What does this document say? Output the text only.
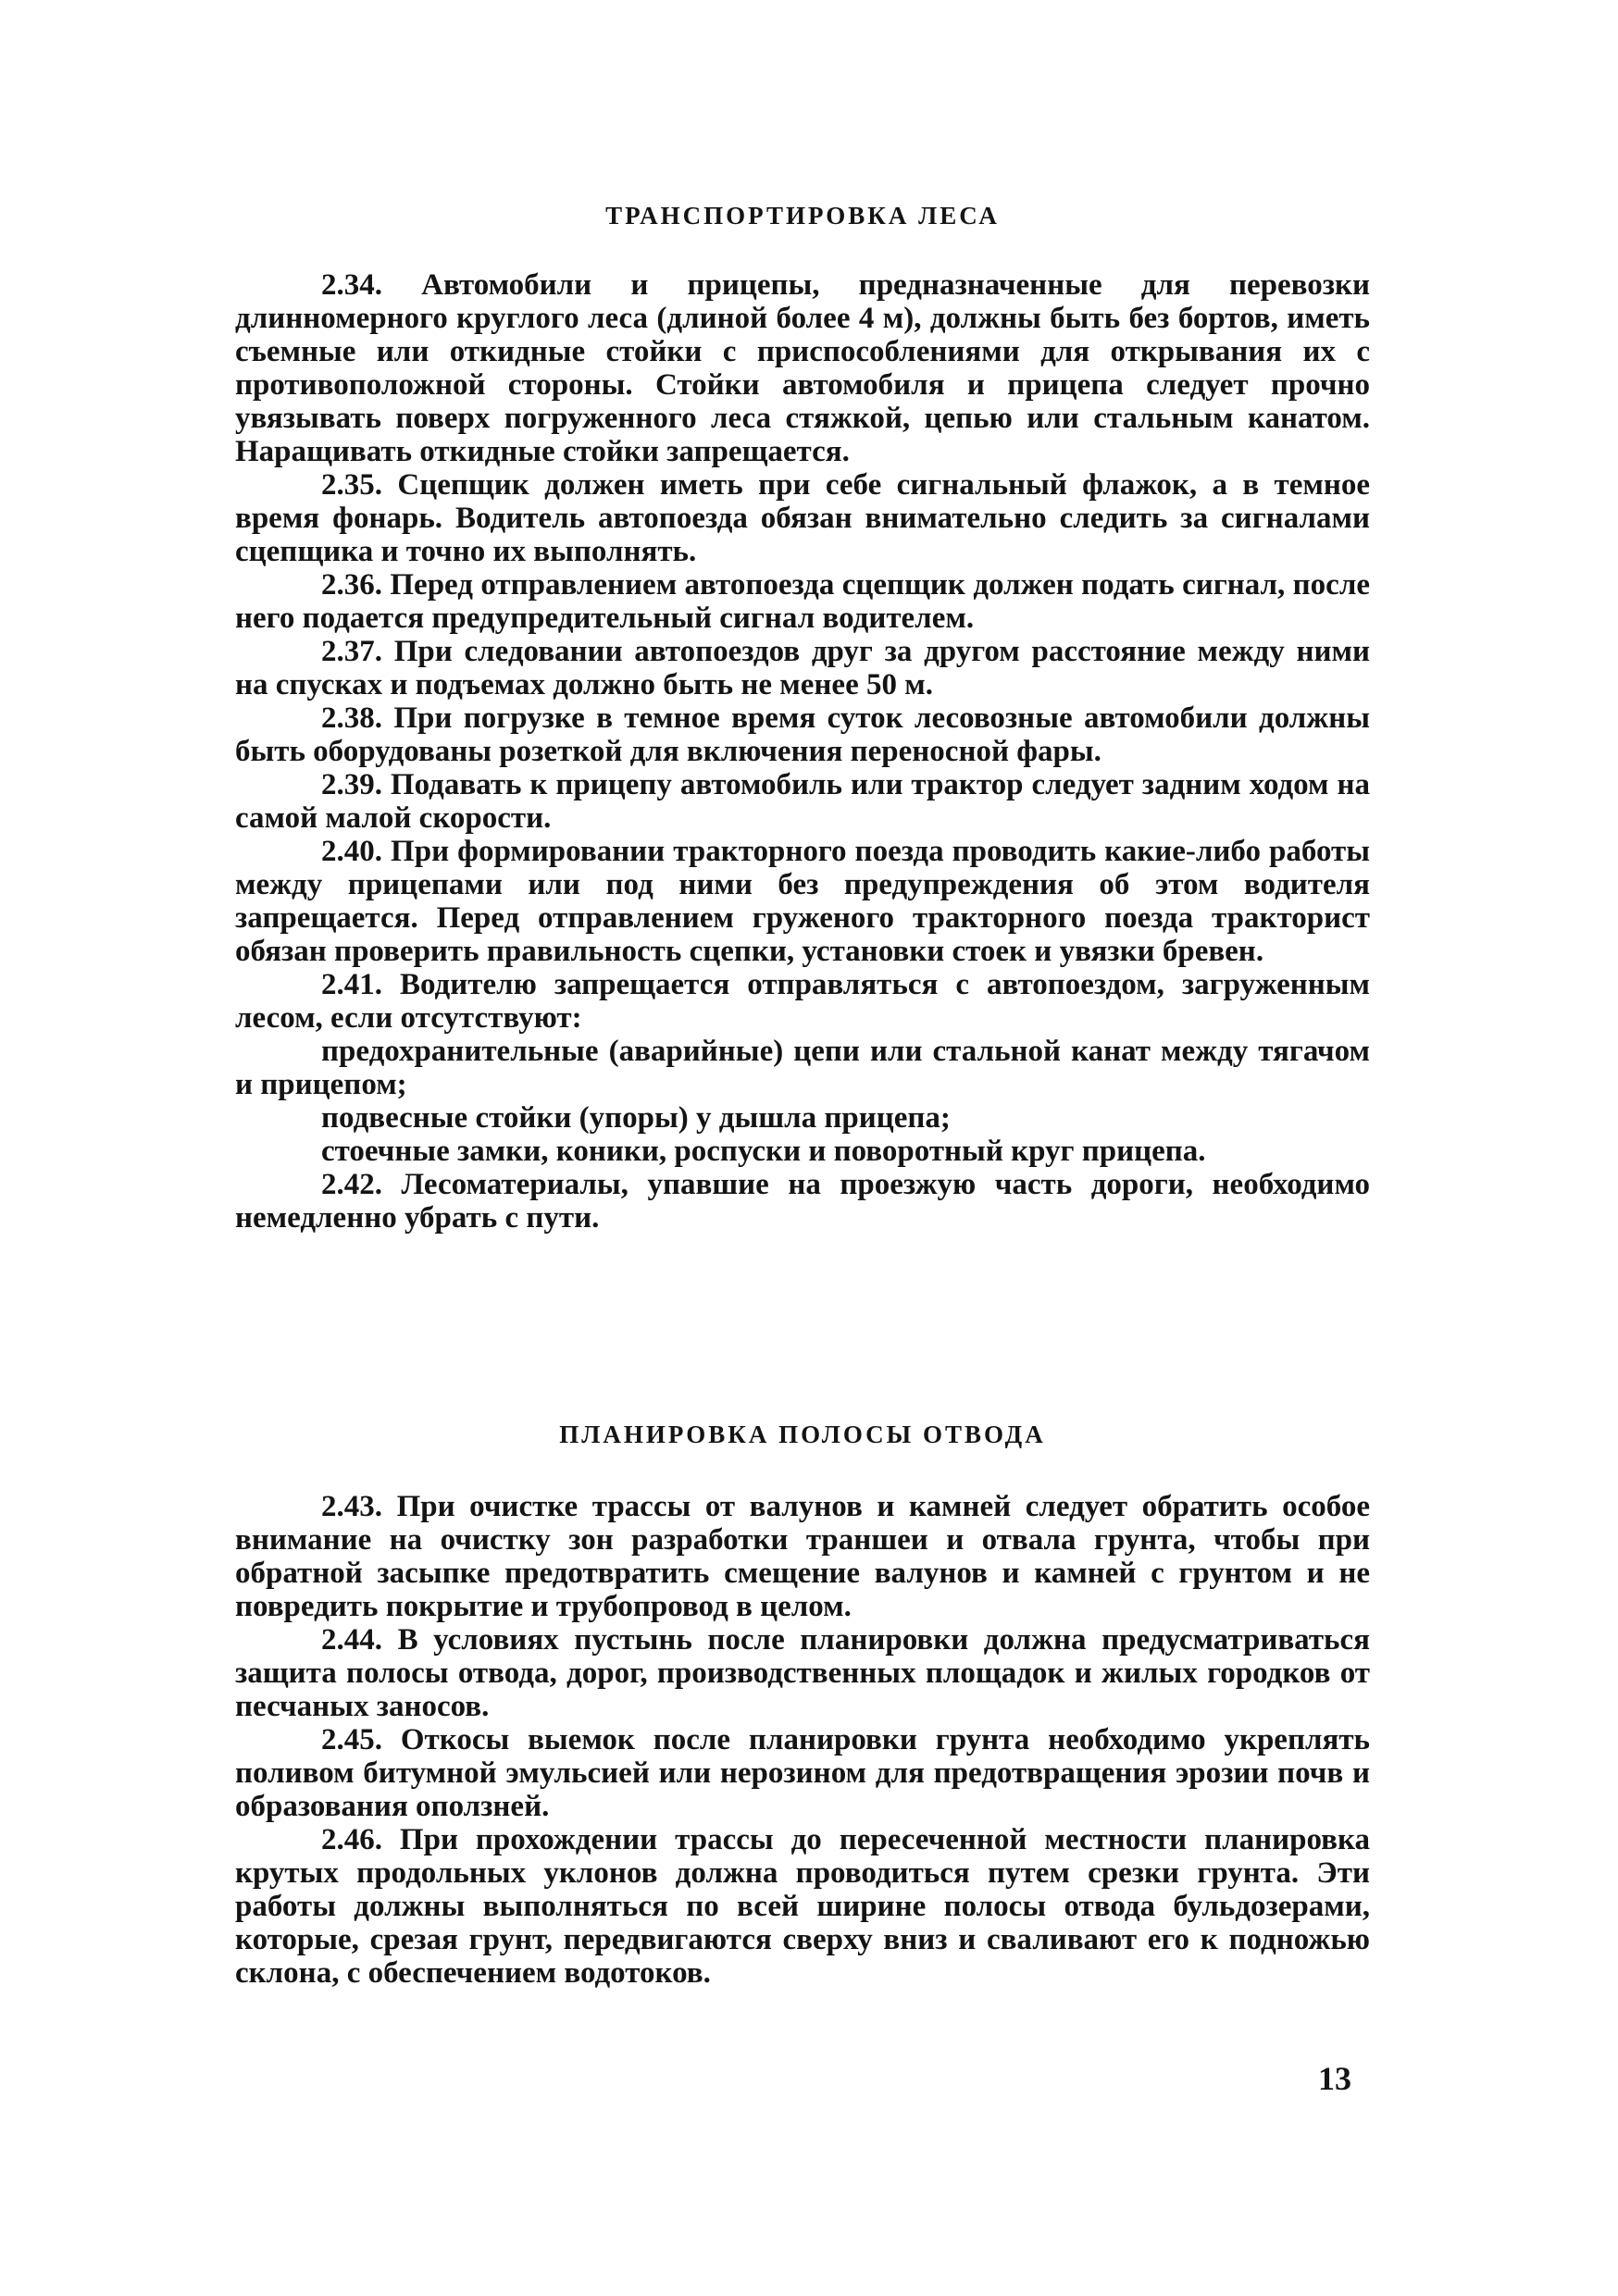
ТРАНСПОРТИРОВКА ЛЕСА

2.34. Автомобили и прицепы, предназначенные для перевозки длинномерного круглого леса (длиной более 4 м), должны быть без бортов, иметь съемные или откидные стойки с приспособлениями для открывания их с противоположной стороны. Стойки автомобиля и прицепа следует прочно увязывать поверх погруженного леса стяжкой, цепью или стальным канатом. Наращивать откидные стойки запрещается.

2.35. Сцепщик должен иметь при себе сигнальный флажок, а в темное время фонарь. Водитель автопоезда обязан внимательно следить за сигналами сцепщика и точно их выполнять.

2.36. Перед отправлением автопоезда сцепщик должен подать сигнал, после него подается предупредительный сигнал водителем.

2.37. При следовании автопоездов друг за другом расстояние между ними на спусках и подъемах должно быть не менее 50 м.

2.38. При погрузке в темное время суток лесовозные автомобили должны быть оборудованы розеткой для включения переносной фары.

2.39. Подавать к прицепу автомобиль или трактор следует задним ходом на самой малой скорости.

2.40. При формировании тракторного поезда проводить какие-либо работы между прицепами или под ними без предупреждения об этом водителя запрещается. Перед отправлением груженого тракторного поезда тракторист обязан проверить правильность сцепки, установки стоек и увязки бревен.

2.41. Водителю запрещается отправляться с автопоездом, загруженным лесом, если отсутствуют:

предохранительные (аварийные) цепи или стальной канат между тягачом и прицепом;

подвесные стойки (упоры) у дышла прицепа;

стоечные замки, коники, роспуски и поворотный круг прицепа.

2.42. Лесоматериалы, упавшие на проезжую часть дороги, необходимо немедленно убрать с пути.

ПЛАНИРОВКА ПОЛОСЫ ОТВОДА

2.43. При очистке трассы от валунов и камней следует обратить особое внимание на очистку зон разработки траншеи и отвала грунта, чтобы при обратной засыпке предотвратить смещение валунов и камней с грунтом и не повредить покрытие и трубопровод в целом.

2.44. В условиях пустынь после планировки должна предусматриваться защита полосы отвода, дорог, производственных площадок и жилых городков от песчаных заносов.

2.45. Откосы выемок после планировки грунта необходимо укреплять поливом битумной эмульсией или нерозином для предотвращения эрозии почв и образования оползней.

2.46. При прохождении трассы до пересеченной местности планировка крутых продольных уклонов должна проводиться путем срезки грунта. Эти работы должны выполняться по всей ширине полосы отвода бульдозерами, которые, срезая грунт, передвигаются сверху вниз и сваливают его к подножью склона, с обеспечением водотоков.

13
